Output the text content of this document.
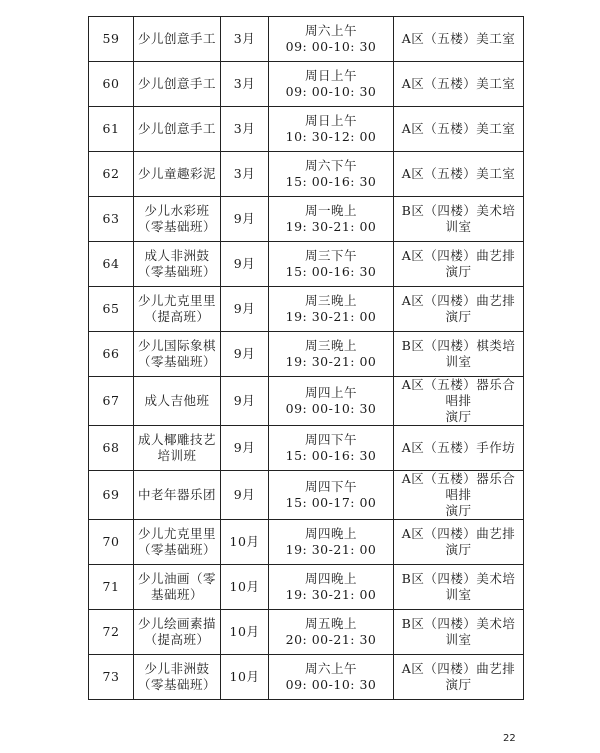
59	少儿创意手工	3月	周六上午
09: 00-10: 30	A区（五楼）美工室

60	少儿创意手工	3月	周日上午
09: 00-10: 30	A区（五楼）美工室

61	少儿创意手工	3月	周日上午
10: 30-12: 00	A区（五楼）美工室

62	少儿童趣彩泥	3月	周六下午
15: 00-16: 30	A区（五楼）美工室

63	少儿水彩班
（零基础班）	9月	周一晚上
19: 30-21: 00	B区（四楼）美术培训室

64	成人非洲鼓
（零基础班）	9月	周三下午
15: 00-16: 30	A区（四楼）曲艺排演厅

65	少儿尤克里里
（提高班）	9月	周三晚上
19: 30-21: 00	A区（四楼）曲艺排演厅

66	少儿国际象棋
（零基础班）	9月	周三晚上
19: 30-21: 00	B区（四楼）棋类培训室

67	成人吉他班	9月	周四上午
09: 00-10: 30	A区（五楼）器乐合唱排
演厅

68	成人椰雕技艺
培训班	9月	周四下午
15: 00-16: 30	A区（五楼）手作坊

69	中老年器乐团	9月	周四下午
15: 00-17: 00	A区（五楼）器乐合唱排
演厅

70	少儿尤克里里
（零基础班）	10月	周四晚上
19: 30-21: 00	A区（四楼）曲艺排演厅

71	少儿油画（零
基础班）	10月	周四晚上
19: 30-21: 00	B区（四楼）美术培训室

72	少儿绘画素描
（提高班）	10月	周五晚上
20: 00-21: 30	B区（四楼）美术培训室

73	少儿非洲鼓
（零基础班）	10月	周六上午
09: 00-10: 30	A区（四楼）曲艺排演厅
22
